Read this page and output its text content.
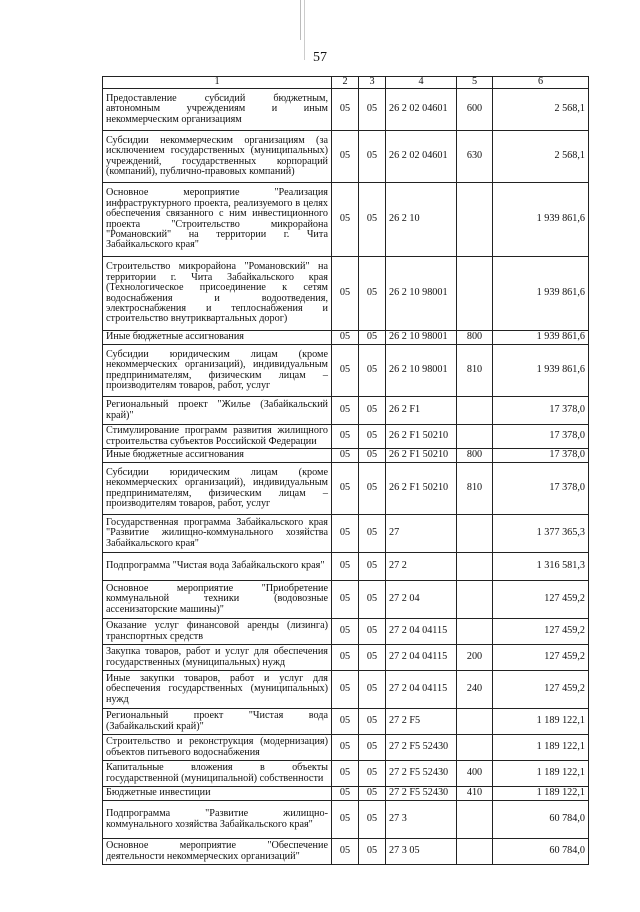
57
1	2	3	4	5	6
Предоставление субсидий бюджетным, автономным учреждениям и иным некоммерческим организациям	05	05	26 2 02 04601	600	2 568,1
Субсидии некоммерческим организациям (за исключением государственных (муниципальных) учреждений, государственных корпораций (компаний), публично-правовых компаний)	05	05	26 2 02 04601	630	2 568,1
Основное мероприятие "Реализация инфраструктурного проекта, реализуемого в целях обеспечения связанного с ним инвестиционного проекта "Строительство микрорайона "Романовский" на территории г. Чита Забайкальского края"	05	05	26 2 10		1 939 861,6
Строительство микрорайона "Романовский" на территории г. Чита Забайкальского края (Технологическое присоединение к сетям водоснабжения и водоотведения, электроснабжения и теплоснабжения и строительство внутриквартальных дорог)	05	05	26 2 10 98001		1 939 861,6
Иные бюджетные ассигнования	05	05	26 2 10 98001	800	1 939 861,6
Субсидии юридическим лицам (кроме некоммерческих организаций), индивидуальным предпринимателям, физическим лицам – производителям товаров, работ, услуг	05	05	26 2 10 98001	810	1 939 861,6
Региональный проект "Жилье (Забайкальский край)"	05	05	26 2 F1		17 378,0
Стимулирование программ развития жилищного строительства субъектов Российской Федерации	05	05	26 2 F1 50210		17 378,0
Иные бюджетные ассигнования	05	05	26 2 F1 50210	800	17 378,0
Субсидии юридическим лицам (кроме некоммерческих организаций), индивидуальным предпринимателям, физическим лицам – производителям товаров, работ, услуг	05	05	26 2 F1 50210	810	17 378,0
Государственная программа Забайкальского края "Развитие жилищно-коммунального хозяйства Забайкальского края"	05	05	27		1 377 365,3
Подпрограмма "Чистая вода Забайкальского края"	05	05	27 2		1 316 581,3
Основное мероприятие "Приобретение коммунальной техники (водовозные ассенизаторские машины)"	05	05	27 2 04		127 459,2
Оказание услуг финансовой аренды (лизинга) транспортных средств	05	05	27 2 04 04115		127 459,2
Закупка товаров, работ и услуг для обеспечения государственных (муниципальных) нужд	05	05	27 2 04 04115	200	127 459,2
Иные закупки товаров, работ и услуг для обеспечения государственных (муниципальных) нужд	05	05	27 2 04 04115	240	127 459,2
Региональный проект "Чистая вода (Забайкальский край)"	05	05	27 2 F5		1 189 122,1
Строительство и реконструкция (модернизация) объектов питьевого водоснабжения	05	05	27 2 F5 52430		1 189 122,1
Капитальные вложения в объекты государственной (муниципальной) собственности	05	05	27 2 F5 52430	400	1 189 122,1
Бюджетные инвестиции	05	05	27 2 F5 52430	410	1 189 122,1
Подпрограмма "Развитие жилищно-коммунального хозяйства Забайкальского края"	05	05	27 3		60 784,0
Основное мероприятие "Обеспечение деятельности некоммерческих организаций"	05	05	27 3 05		60 784,0
